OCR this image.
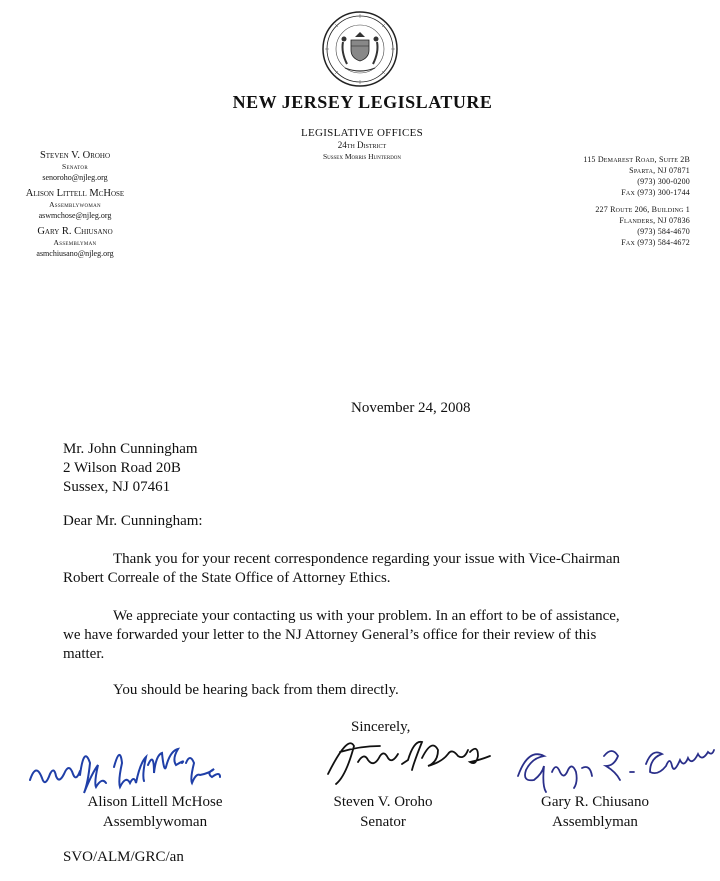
NEW JERSEY LEGISLATURE
LEGISLATIVE OFFICES
24th District
Sussex Morris Hunterdon
Steven V. Oroho
Senator
senoroho@njleg.org
Alison Littell McHose
Assemblywoman
aswmchose@njleg.org
Gary R. Chiusano
Assemblyman
asmchiusano@njleg.org
115 Demarest Road, Suite 2B
Sparta, NJ 07871
(973) 300-0200
Fax (973) 300-1744
227 Route 206, Building 1
Flanders, NJ 07836
(973) 584-4670
Fax (973) 584-4672
November 24, 2008
Mr. John Cunningham
2 Wilson Road 20B
Sussex, NJ 07461
Dear Mr. Cunningham:
Thank you for your recent correspondence regarding your issue with Vice-Chairman Robert Correale of the State Office of Attorney Ethics.
We appreciate your contacting us with your problem. In an effort to be of assistance, we have forwarded your letter to the NJ Attorney General’s office for their review of this matter.
You should be hearing back from them directly.
Sincerely,
Alison Littell McHose
Assemblywoman
Steven V. Oroho
Senator
Gary R. Chiusano
Assemblyman
SVO/ALM/GRC/an
